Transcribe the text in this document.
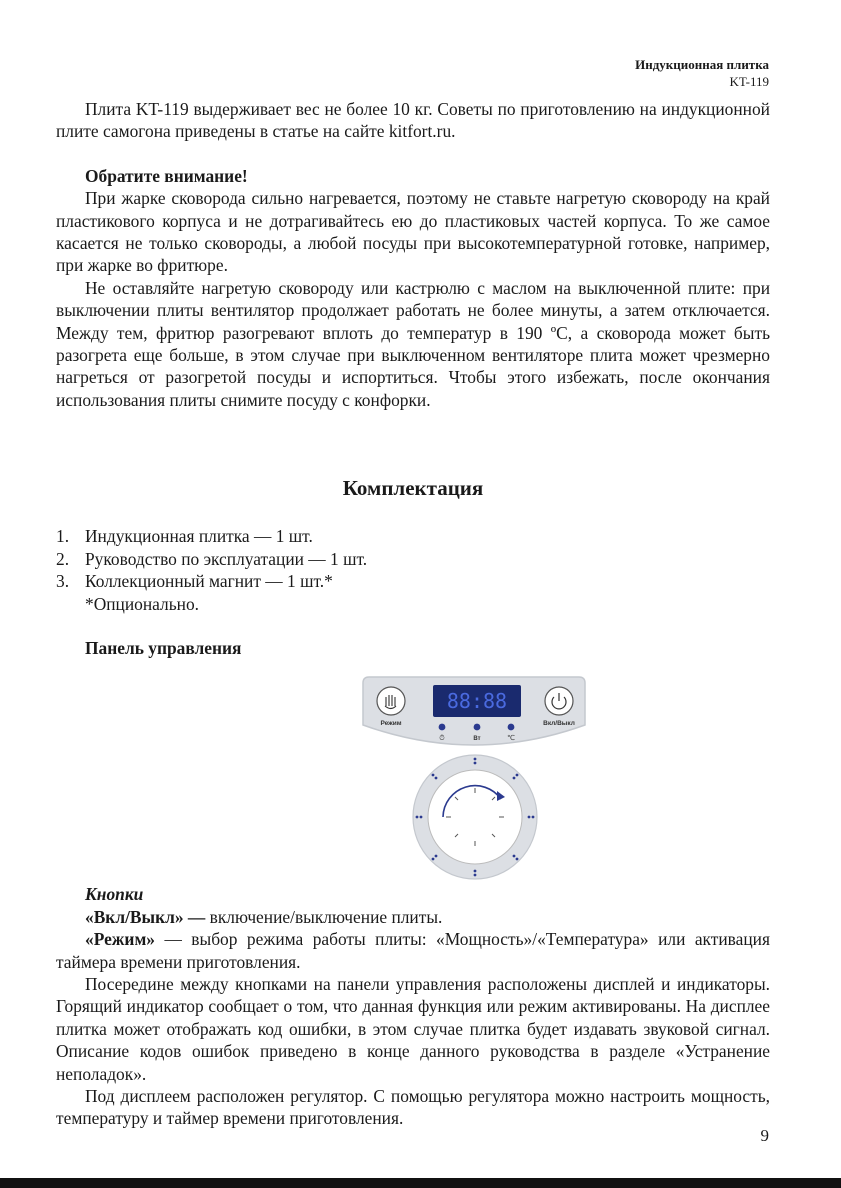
Индукционная плитка
KT-119

Плита KT-119 выдерживает вес не более 10 кг. Советы по приготовлению на индукционной плите самогона приведены в статье на сайте kitfort.ru.

Обратите внимание!

При жарке сковорода сильно нагревается, поэтому не ставьте нагретую сковороду на край пластикового корпуса и не дотрагивайтесь ею до пластиковых частей корпуса. То же самое касается не только сковороды, а любой посуды при высокотемпературной готовке, например, при жарке во фритюре.

Не оставляйте нагретую сковороду или кастрюлю с маслом на выключенной плите: при выключении плиты вентилятор продолжает работать не более минуты, а затем отключается. Между тем, фритюр разогревают вплоть до температур в 190 ºС, а сковорода может быть разогрета еще больше, в этом случае при выключенном вентиляторе плита может чрезмерно нагреться от разогретой посуды и испортиться. Чтобы этого избежать, после окончания использования плиты снимите посуду с конфорки.

Комплектация
1. Индукционная плитка — 1 шт.
2. Руководство по эксплуатации — 1 шт.
3. Коллекционный магнит — 1 шт.*

*Опционально.

Панель управления

Режим
88:88
⏱	Вт	℃
Вкл/Выкл

Кнопки

«Вкл/Выкл» — включение/выключение плиты.

«Режим» — выбор режима работы плиты: «Мощность»/«Температура» или активация таймера времени приготовления.

Посередине между кнопками на панели управления расположены дисплей и индикаторы. Горящий индикатор сообщает о том, что данная функция или режим активированы. На дисплее плитка может отображать код ошибки, в этом случае плитка будет издавать звуковой сигнал. Описание кодов ошибок приведено в конце данного руководства в разделе «Устранение неполадок».

Под дисплеем расположен регулятор. С помощью регулятора можно настроить мощность, температуру и таймер времени приготовления.

9
